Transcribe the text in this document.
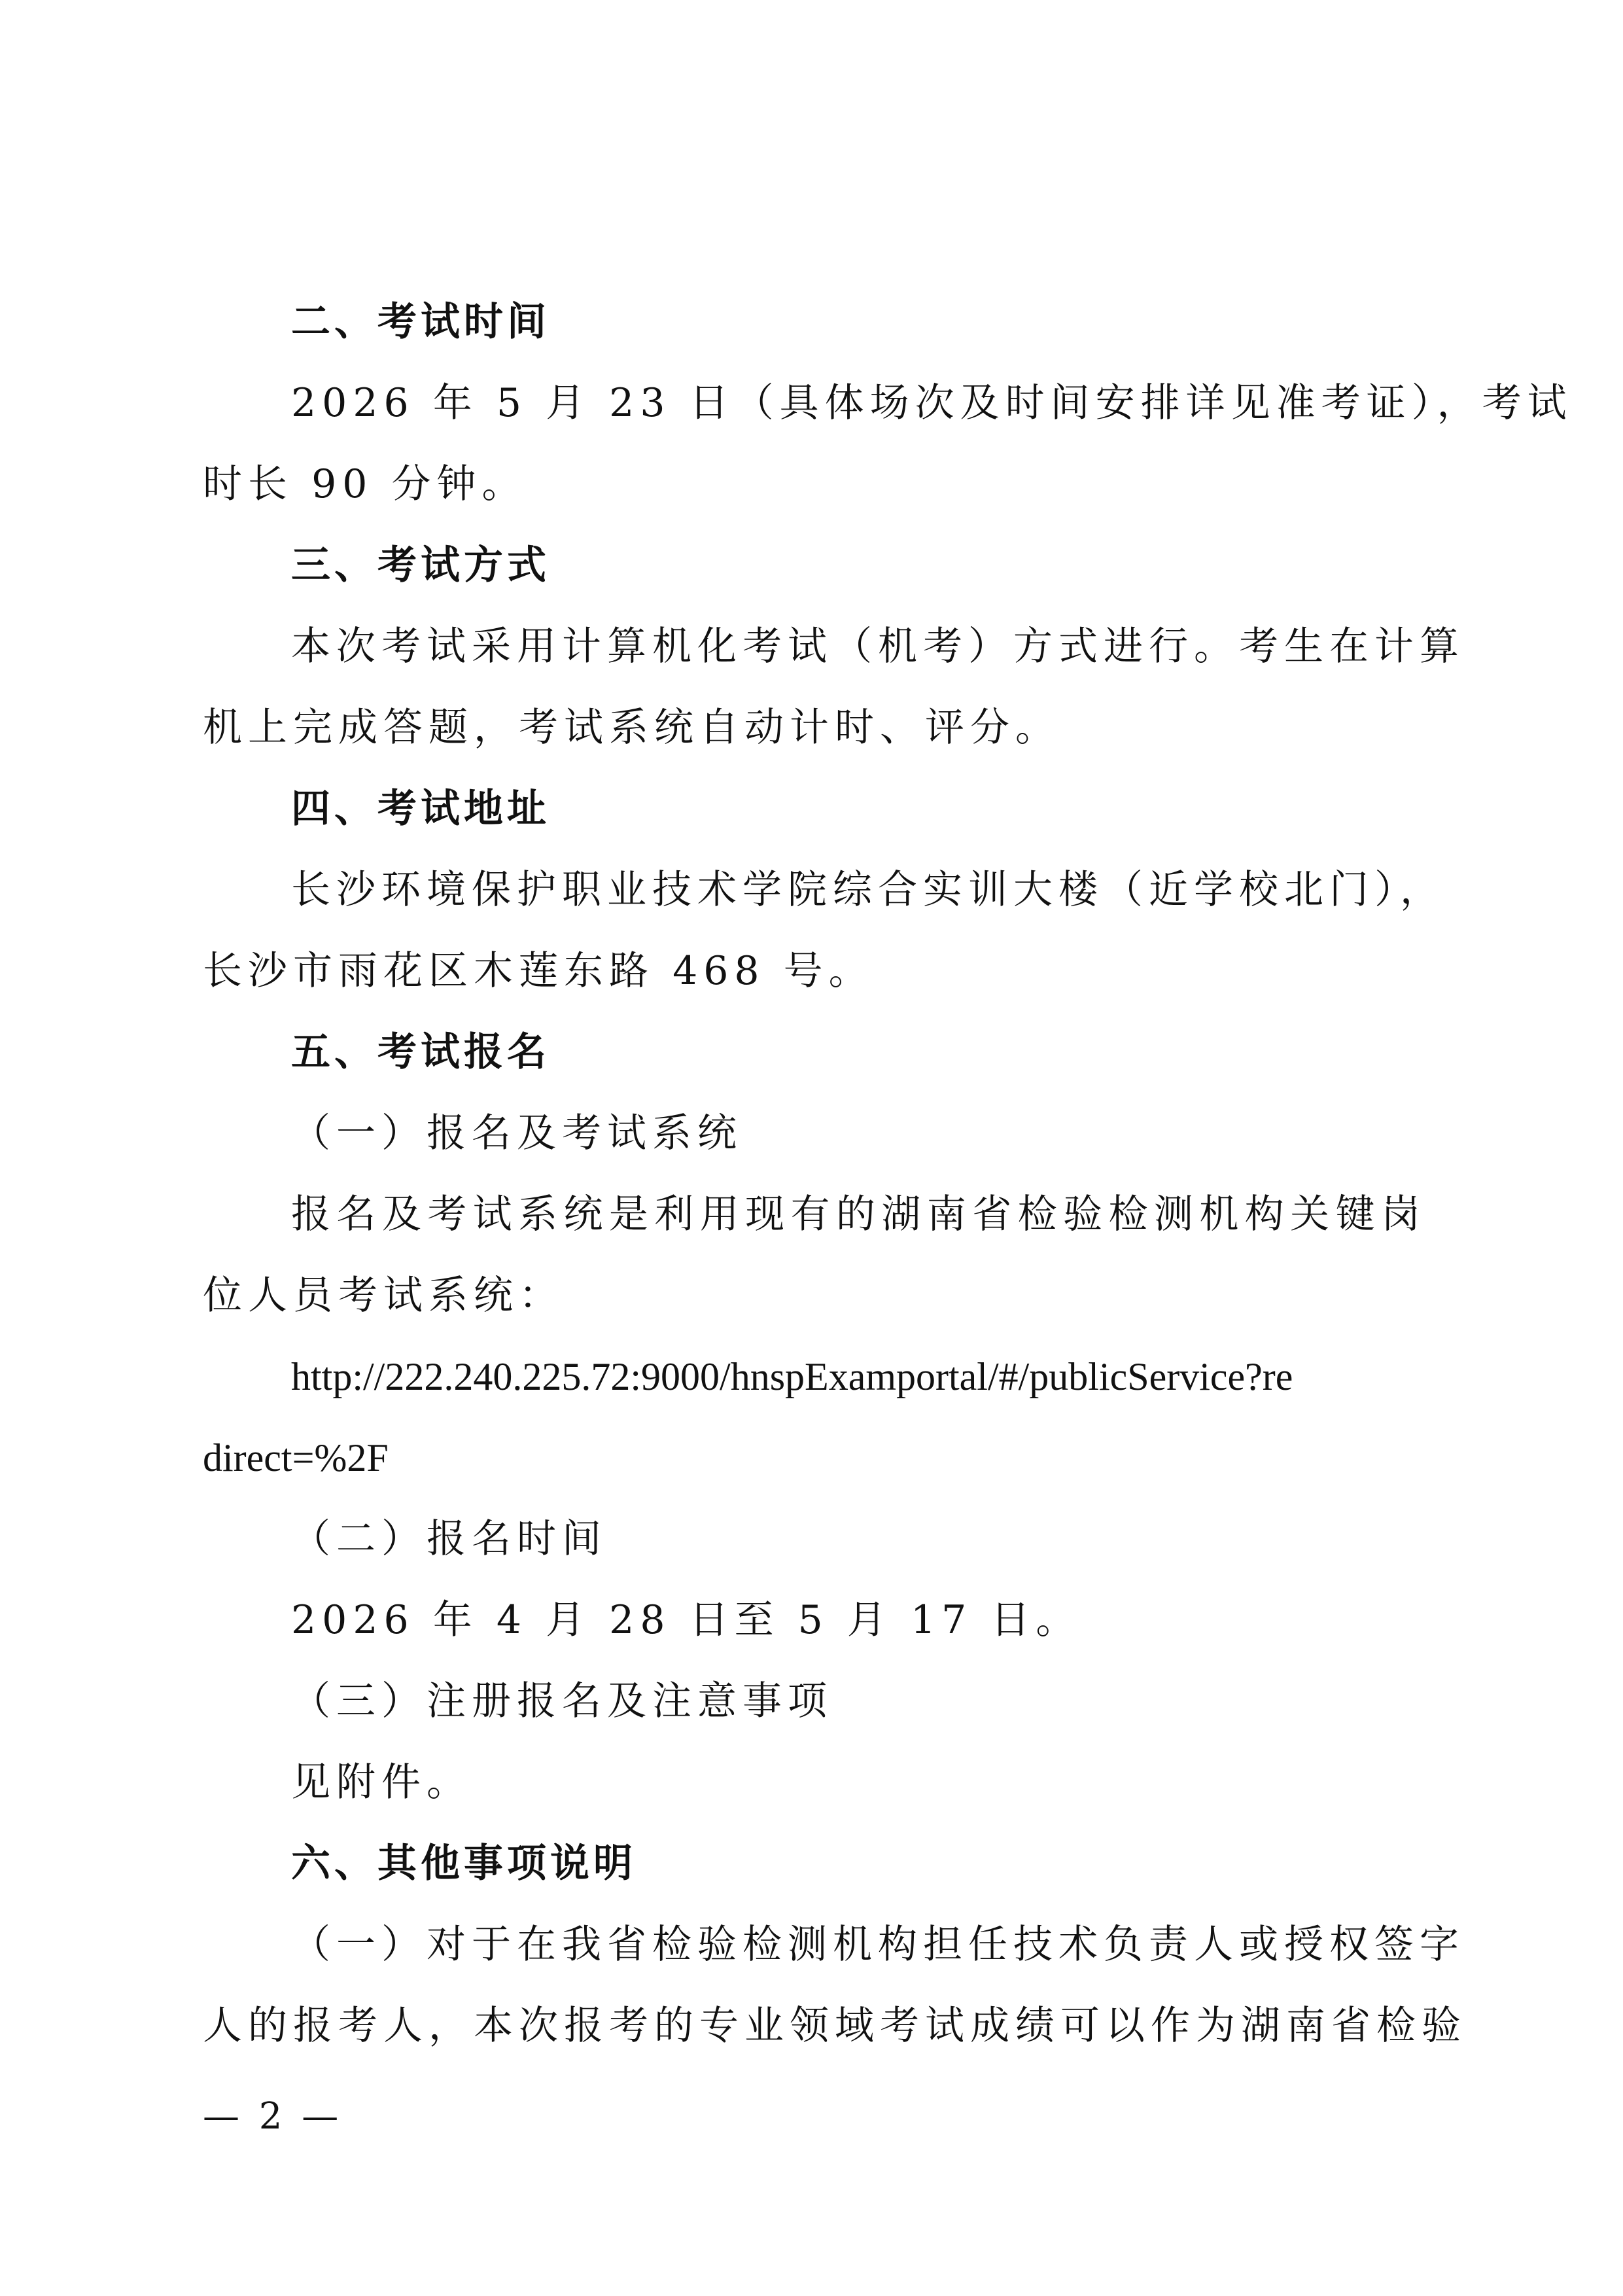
二、考试时间
2026 年 5 月 23 日（具体场次及时间安排详见准考证），考试
时长 90 分钟。
三、考试方式
本次考试采用计算机化考试（机考）方式进行。考生在计算
机上完成答题，考试系统自动计时、评分。
四、考试地址
长沙环境保护职业技术学院综合实训大楼（近学校北门），
长沙市雨花区木莲东路 468 号。
五、考试报名
（一）报名及考试系统
报名及考试系统是利用现有的湖南省检验检测机构关键岗
位人员考试系统：
http://222.240.225.72:9000/hnspExamportal/#/publicService?re
direct=%2F
（二）报名时间
2026 年 4 月 28 日至 5 月 17 日。
（三）注册报名及注意事项
见附件。
六、其他事项说明
（一）对于在我省检验检测机构担任技术负责人或授权签字
人的报考人，本次报考的专业领域考试成绩可以作为湖南省检验
— 2 —
